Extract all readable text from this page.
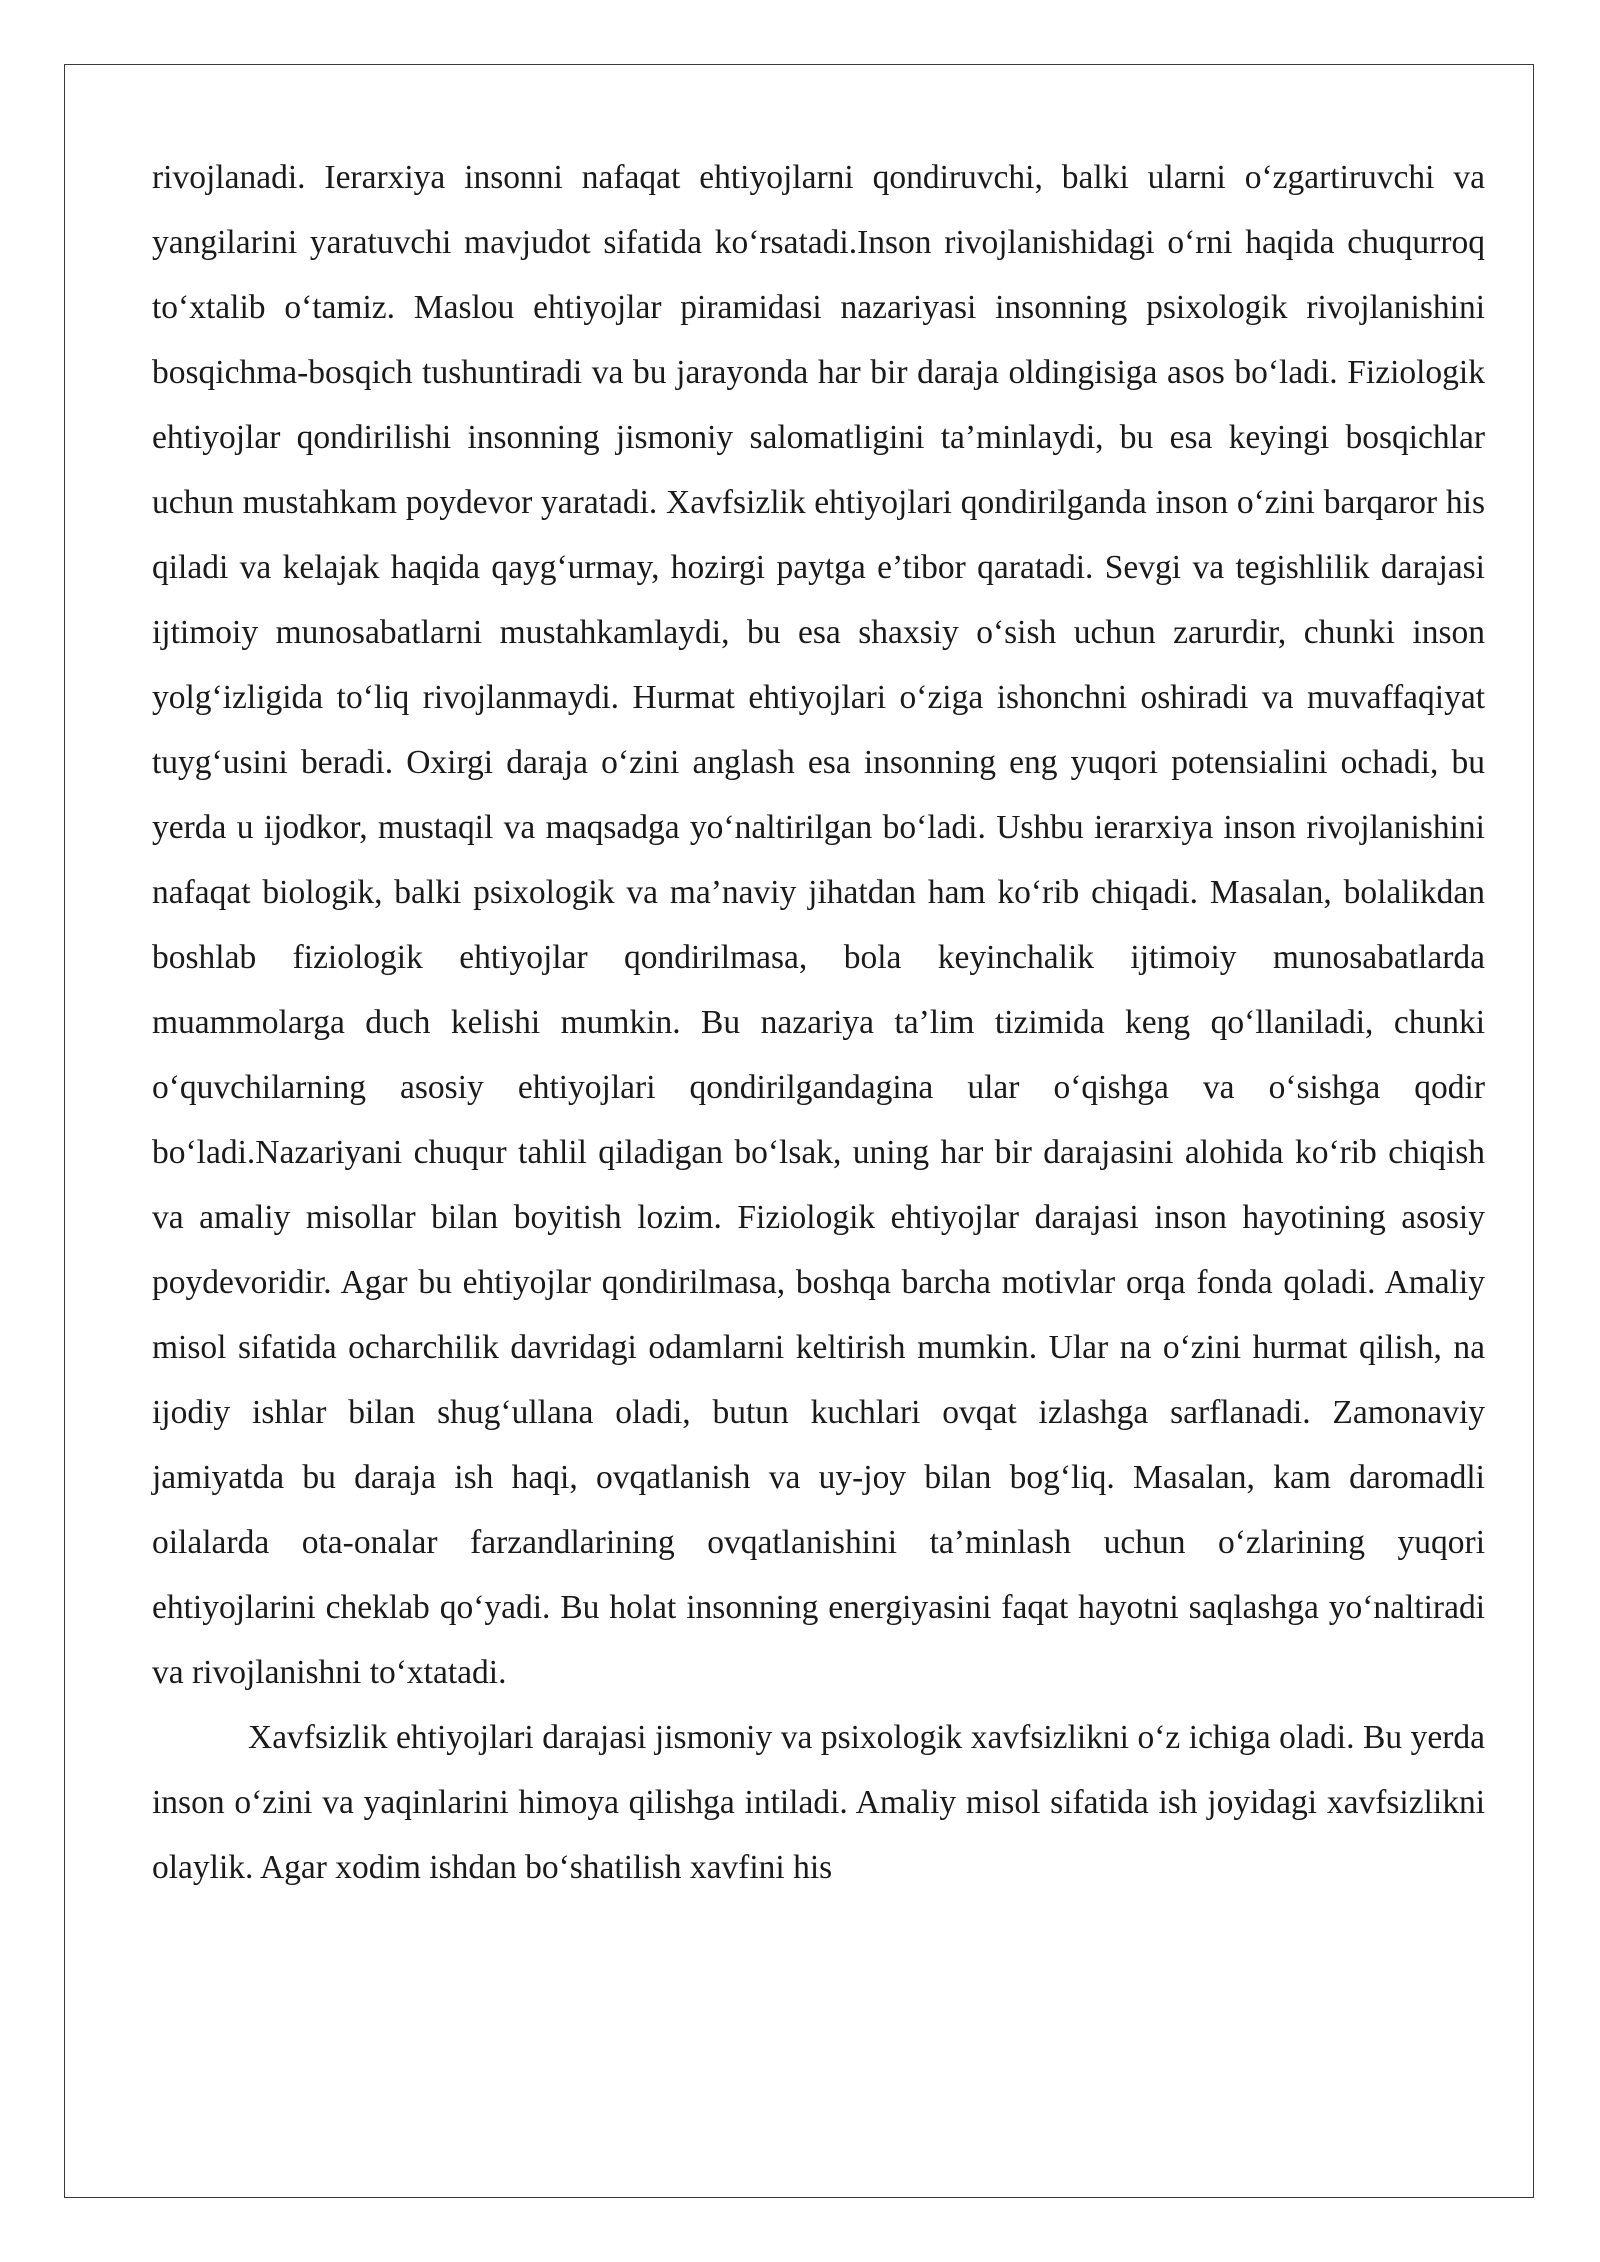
rivojlanadi. Ierarxiya insonni nafaqat ehtiyojlarni qondiruvchi, balki ularni o‘zgartiruvchi va yangilarini yaratuvchi mavjudot sifatida ko‘rsatadi.Inson rivojlanishidagi o‘rni haqida chuqurroq to‘xtalib o‘tamiz. Maslou ehtiyojlar piramidasi nazariyasi insonning psixologik rivojlanishini bosqichma-bosqich tushuntiradi va bu jarayonda har bir daraja oldingisiga asos bo‘ladi. Fiziologik ehtiyojlar qondirilishi insonning jismoniy salomatligini ta’minlaydi, bu esa keyingi bosqichlar uchun mustahkam poydevor yaratadi. Xavfsizlik ehtiyojlari qondirilganda inson o‘zini barqaror his qiladi va kelajak haqida qayg‘urmay, hozirgi paytga e’tibor qaratadi. Sevgi va tegishlilik darajasi ijtimoiy munosabatlarni mustahkamlaydi, bu esa shaxsiy o‘sish uchun zarurdir, chunki inson yolg‘izligida to‘liq rivojlanmaydi. Hurmat ehtiyojlari o‘ziga ishonchni oshiradi va muvaffaqiyat tuyg‘usini beradi. Oxirgi daraja o‘zini anglash esa insonning eng yuqori potensialini ochadi, bu yerda u ijodkor, mustaqil va maqsadga yo‘naltirilgan bo‘ladi. Ushbu ierarxiya inson rivojlanishini nafaqat biologik, balki psixologik va ma’naviy jihatdan ham ko‘rib chiqadi. Masalan, bolalikdan boshlab fiziologik ehtiyojlar qondirilmasa, bola keyinchalik ijtimoiy munosabatlarda muammolarga duch kelishi mumkin. Bu nazariya ta’lim tizimida keng qo‘llaniladi, chunki o‘quvchilarning asosiy ehtiyojlari qondirilgandagina ular o‘qishga va o‘sishga qodir bo‘ladi.Nazariyani chuqur tahlil qiladigan bo‘lsak, uning har bir darajasini alohida ko‘rib chiqish va amaliy misollar bilan boyitish lozim. Fiziologik ehtiyojlar darajasi inson hayotining asosiy poydevoridir. Agar bu ehtiyojlar qondirilmasa, boshqa barcha motivlar orqa fonda qoladi. Amaliy misol sifatida ocharchilik davridagi odamlarni keltirish mumkin. Ular na o‘zini hurmat qilish, na ijodiy ishlar bilan shug‘ullana oladi, butun kuchlari ovqat izlashga sarflanadi. Zamonaviy jamiyatda bu daraja ish haqi, ovqatlanish va uy-joy bilan bog‘liq. Masalan, kam daromadli oilalarda ota-onalar farzandlarining ovqatlanishini ta’minlash uchun o‘zlarining yuqori ehtiyojlarini cheklab qo‘yadi. Bu holat insonning energiyasini faqat hayotni saqlashga yo‘naltiradi va rivojlanishni to‘xtatadi.

Xavfsizlik ehtiyojlari darajasi jismoniy va psixologik xavfsizlikni o‘z ichiga oladi. Bu yerda inson o‘zini va yaqinlarini himoya qilishga intiladi. Amaliy misol sifatida ish joyidagi xavfsizlikni olaylik. Agar xodim ishdan bo‘shatilish xavfini his
